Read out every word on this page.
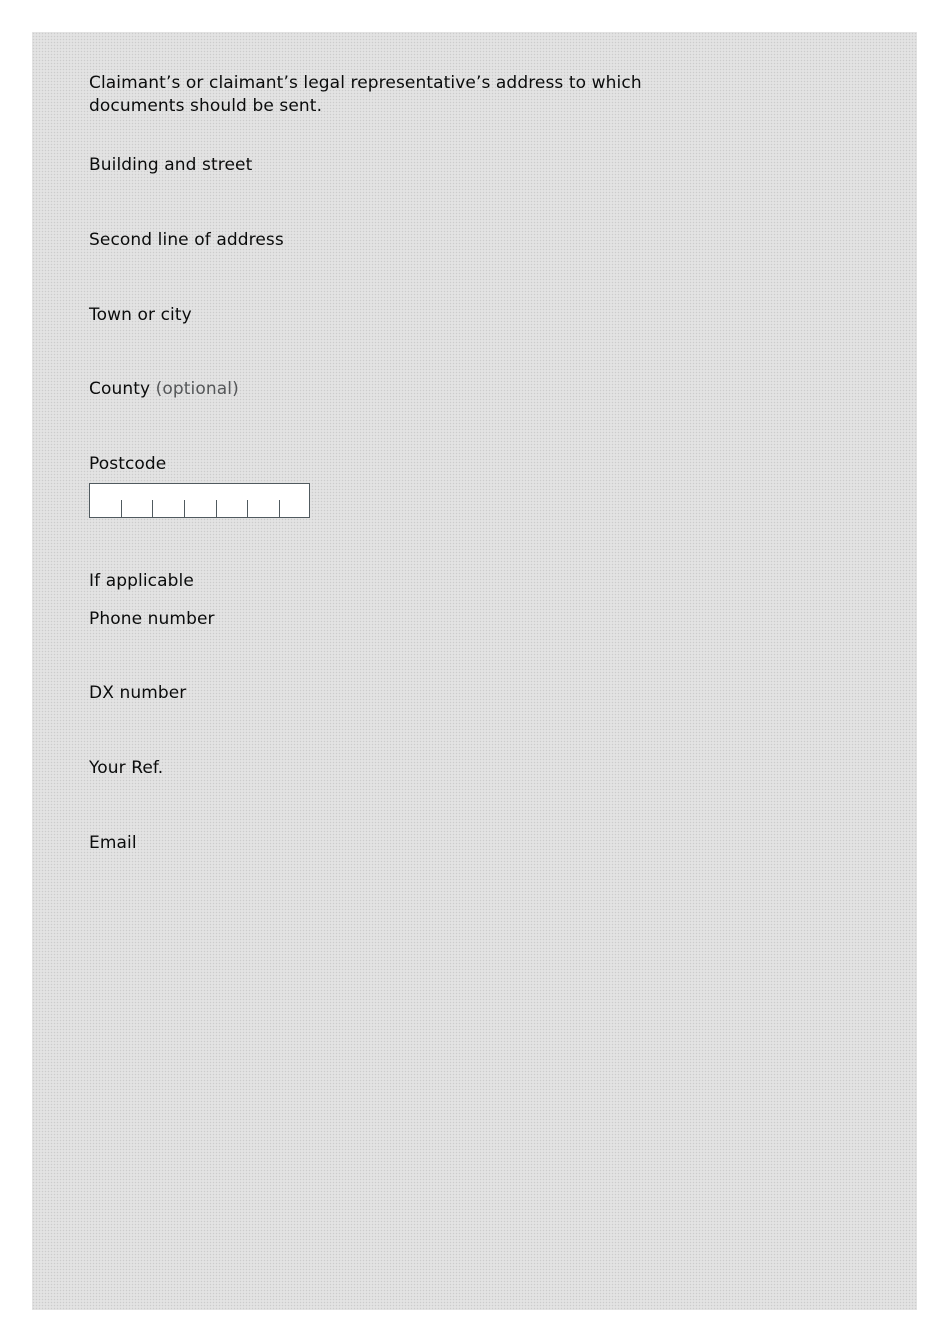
Claimant’s or claimant’s legal representative’s address to which documents should be sent.
Building and street
Second line of address
Town or city
County (optional)
Postcode
If applicable
Phone number
DX number
Your Ref.
Email
